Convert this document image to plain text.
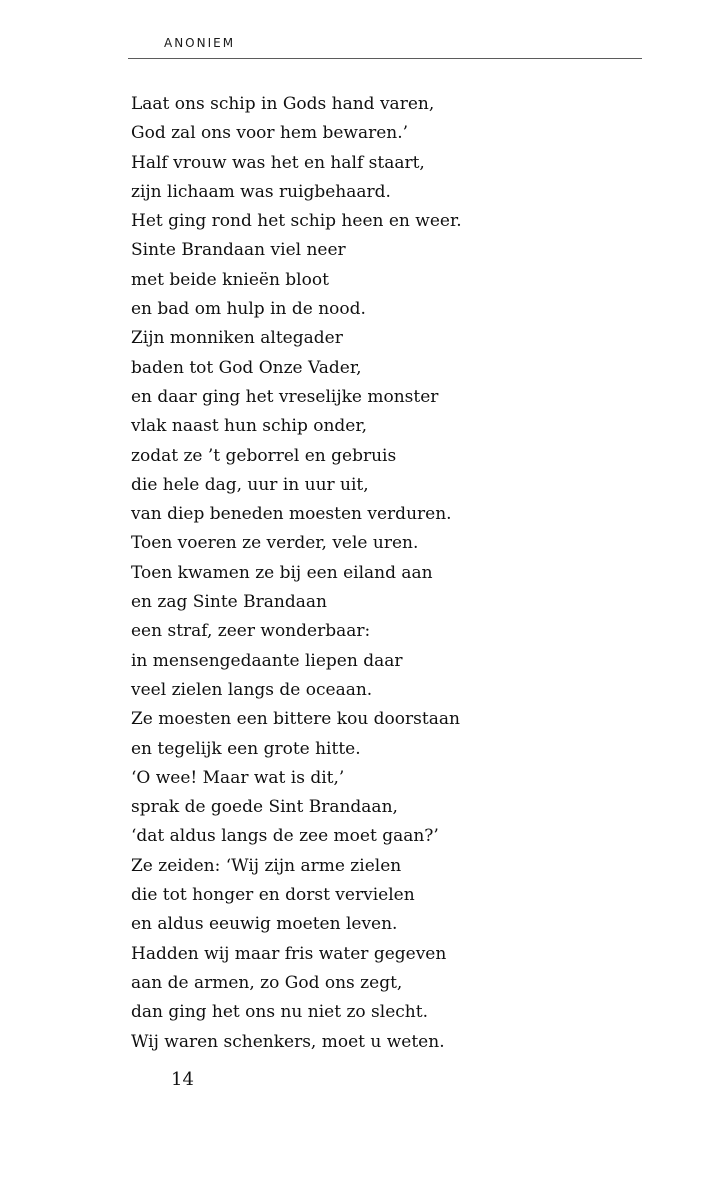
ANONIEM
Laat ons schip in Gods hand varen,
God zal ons voor hem bewaren.’
Half vrouw was het en half staart,
zijn lichaam was ruigbehaard.
Het ging rond het schip heen en weer.
Sinte Brandaan viel neer
met beide knieën bloot
en bad om hulp in de nood.
Zijn monniken altegader
baden tot God Onze Vader,
en daar ging het vreselijke monster
vlak naast hun schip onder,
zodat ze ’t geborrel en gebruis
die hele dag, uur in uur uit,
van diep beneden moesten verduren.
Toen voeren ze verder, vele uren.
Toen kwamen ze bij een eiland aan
en zag Sinte Brandaan
een straf, zeer wonderbaar:
in mensengedaante liepen daar
veel zielen langs de oceaan.
Ze moesten een bittere kou doorstaan
en tegelijk een grote hitte.
‘O wee! Maar wat is dit,’
sprak de goede Sint Brandaan,
‘dat aldus langs de zee moet gaan?’
Ze zeiden: ‘Wij zijn arme zielen
die tot honger en dorst vervielen
en aldus eeuwig moeten leven.
Hadden wij maar fris water gegeven
aan de armen, zo God ons zegt,
dan ging het ons nu niet zo slecht.
Wij waren schenkers, moet u weten.
14
